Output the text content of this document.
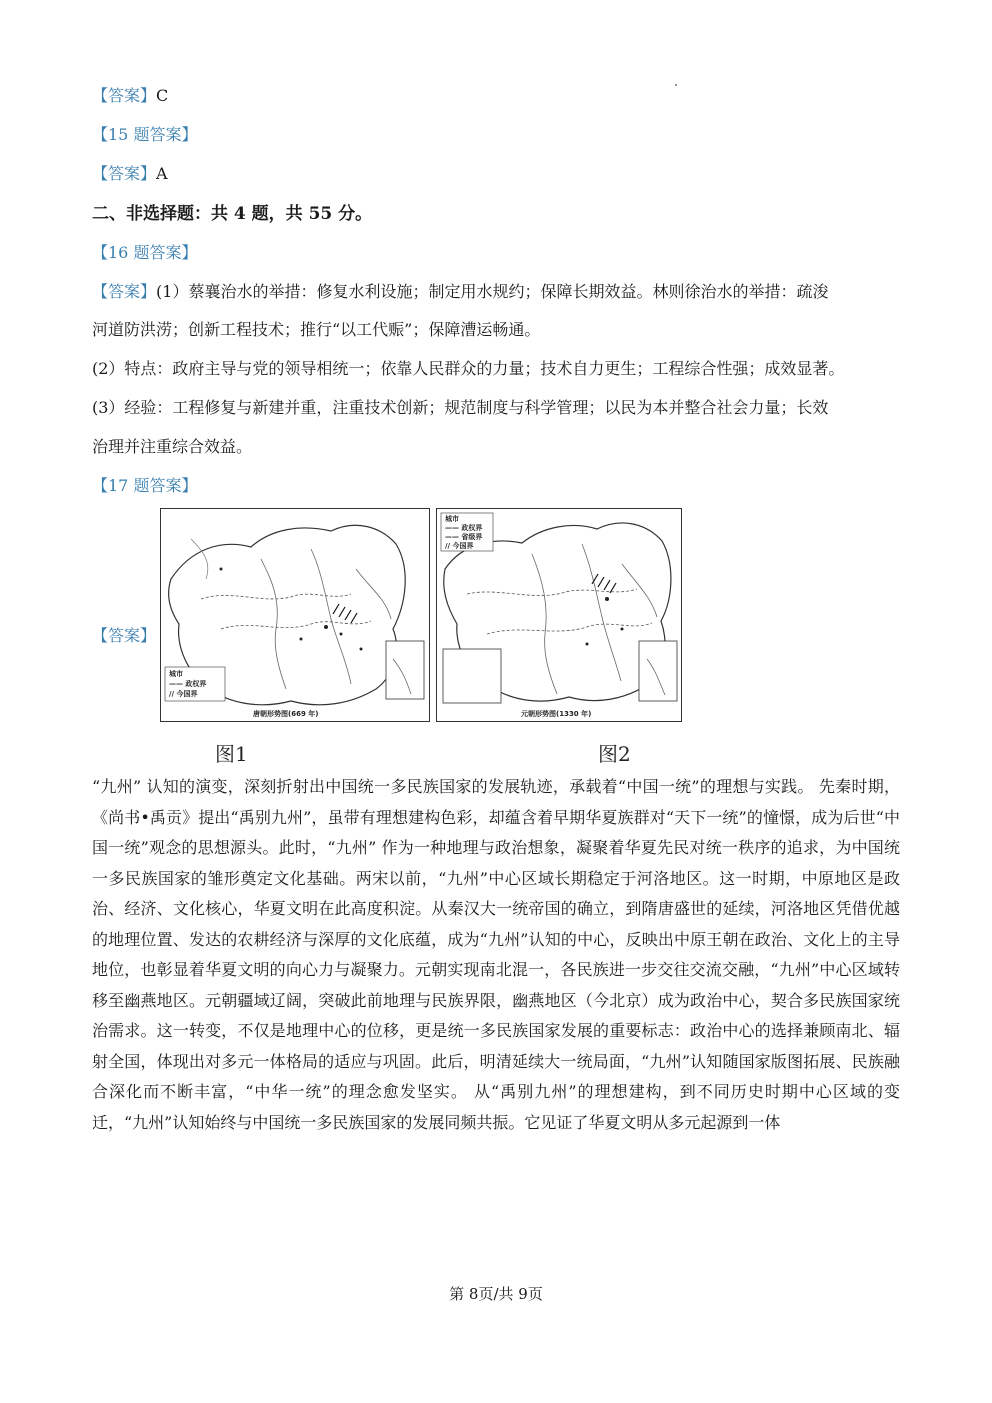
【答案】C
【15 题答案】
【答案】A
二、非选择题：共 4 题，共 55 分。
【16 题答案】
【答案】(1）蔡襄治水的举措：修复水利设施；制定用水规约；保障长期效益。林则徐治水的举措：疏浚
河道防洪涝；创新工程技术；推行“以工代赈”；保障漕运畅通。
(2）特点：政府主导与党的领导相统一；依靠人民群众的力量；技术自力更生；工程综合性强；成效显著。
(3）经验：工程修复与新建并重，注重技术创新；规范制度与科学管理；以民为本并整合社会力量；长效
治理并注重综合效益。
【17 题答案】
【答案】
城市
—— 政权界
// 今国界
唐朝形势图(669 年)
图1
城市
—— 政权界
—— 省级界
// 今国界
元朝形势图(1330 年)
图2
“九州” 认知的演变，深刻折射出中国统一多民族国家的发展轨迹，承载着“中国一统”的理想与实践。 先秦时期，《尚书•禹贡》提出“禹别九州”，虽带有理想建构色彩，却蕴含着早期华夏族群对“天下一统”的憧憬，成为后世“中国一统”观念的思想源头。此时，“九州” 作为一种地理与政治想象，凝聚着华夏先民对统一秩序的追求，为中国统一多民族国家的雏形奠定文化基础。两宋以前，“九州”中心区域长期稳定于河洛地区。这一时期，中原地区是政治、经济、文化核心，华夏文明在此高度积淀。从秦汉大一统帝国的确立，到隋唐盛世的延续，河洛地区凭借优越的地理位置、发达的农耕经济与深厚的文化底蕴，成为“九州”认知的中心，反映出中原王朝在政治、文化上的主导地位，也彰显着华夏文明的向心力与凝聚力。元朝实现南北混一，各民族进一步交往交流交融，“九州”中心区域转移至幽燕地区。元朝疆域辽阔，突破此前地理与民族界限，幽燕地区（今北京）成为政治中心，契合多民族国家统治需求。这一转变，不仅是地理中心的位移，更是统一多民族国家发展的重要标志：政治中心的选择兼顾南北、辐射全国，体现出对多元一体格局的适应与巩固。此后，明清延续大一统局面，“九州”认知随国家版图拓展、民族融合深化而不断丰富，“中华一统”的理念愈发坚实。 从“禹别九州”的理想建构，到不同历史时期中心区域的变迁，“九州”认知始终与中国统一多民族国家的发展同频共振。它见证了华夏文明从多元起源到一体
第 8页/共 9页
